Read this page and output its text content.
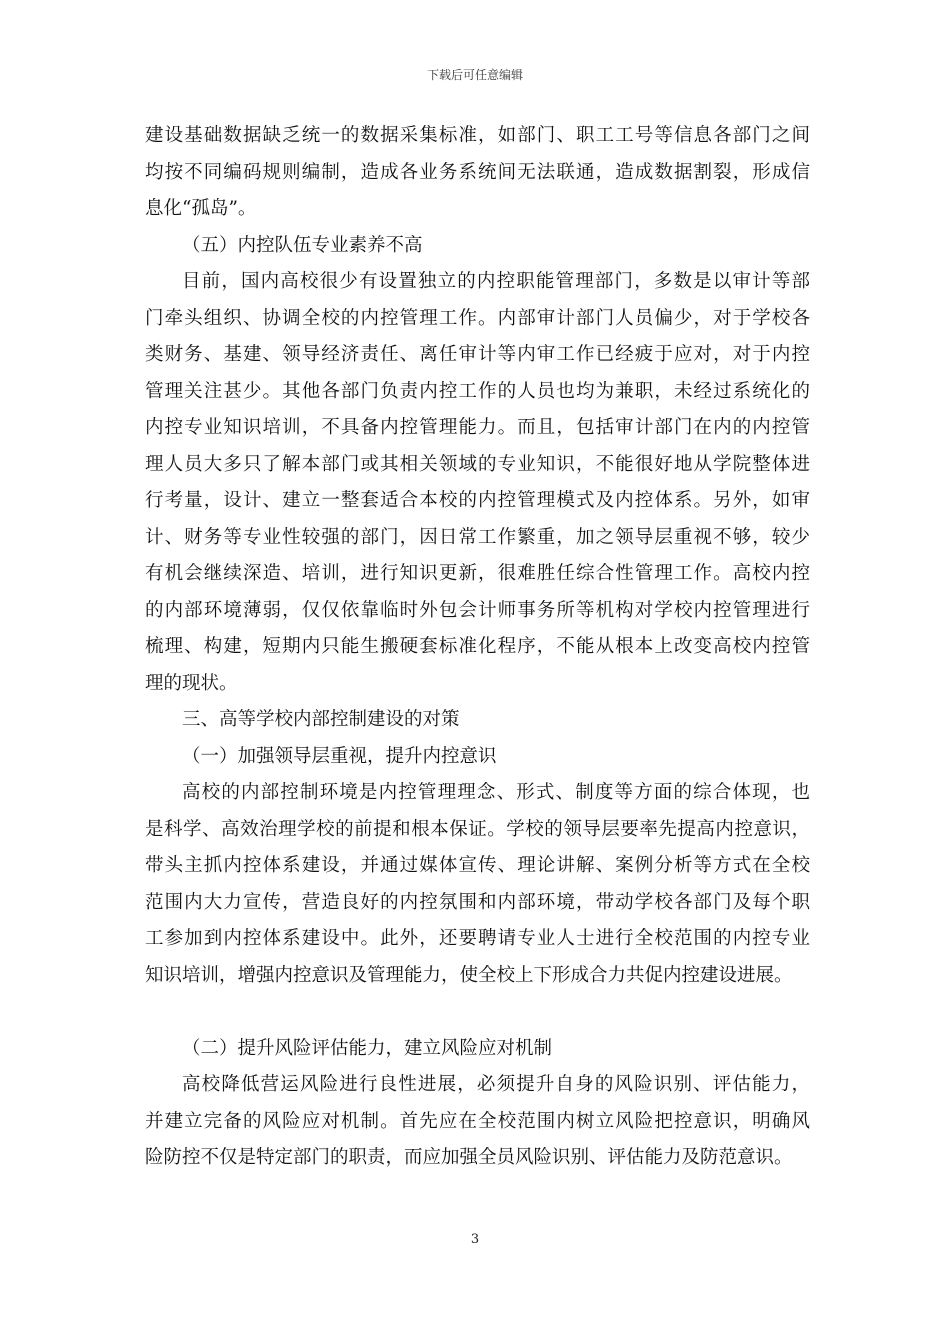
下载后可任意编辑
建设基础数据缺乏统一的数据采集标准，如部门、职工工号等信息各部门之间
均按不同编码规则编制，造成各业务系统间无法联通，造成数据割裂，形成信
息化“孤岛”。
（五）内控队伍专业素养不高
目前，国内高校很少有设置独立的内控职能管理部门，多数是以审计等部
门牵头组织、协调全校的内控管理工作。内部审计部门人员偏少，对于学校各
类财务、基建、领导经济责任、离任审计等内审工作已经疲于应对，对于内控
管理关注甚少。其他各部门负责内控工作的人员也均为兼职，未经过系统化的
内控专业知识培训，不具备内控管理能力。而且，包括审计部门在内的内控管
理人员大多只了解本部门或其相关领域的专业知识，不能很好地从学院整体进
行考量，设计、建立一整套适合本校的内控管理模式及内控体系。另外，如审
计、财务等专业性较强的部门，因日常工作繁重，加之领导层重视不够，较少
有机会继续深造、培训，进行知识更新，很难胜任综合性管理工作。高校内控
的内部环境薄弱，仅仅依靠临时外包会计师事务所等机构对学校内控管理进行
梳理、构建，短期内只能生搬硬套标准化程序，不能从根本上改变高校内控管
理的现状。
三、高等学校内部控制建设的对策
（一）加强领导层重视，提升内控意识
高校的内部控制环境是内控管理理念、形式、制度等方面的综合体现，也
是科学、高效治理学校的前提和根本保证。学校的领导层要率先提高内控意识，
带头主抓内控体系建设，并通过媒体宣传、理论讲解、案例分析等方式在全校
范围内大力宣传，营造良好的内控氛围和内部环境，带动学校各部门及每个职
工参加到内控体系建设中。此外，还要聘请专业人士进行全校范围的内控专业
知识培训，增强内控意识及管理能力，使全校上下形成合力共促内控建设进展。
（二）提升风险评估能力，建立风险应对机制
高校降低营运风险进行良性进展，必须提升自身的风险识别、评估能力，
并建立完备的风险应对机制。首先应在全校范围内树立风险把控意识，明确风
险防控不仅是特定部门的职责，而应加强全员风险识别、评估能力及防范意识。
3
